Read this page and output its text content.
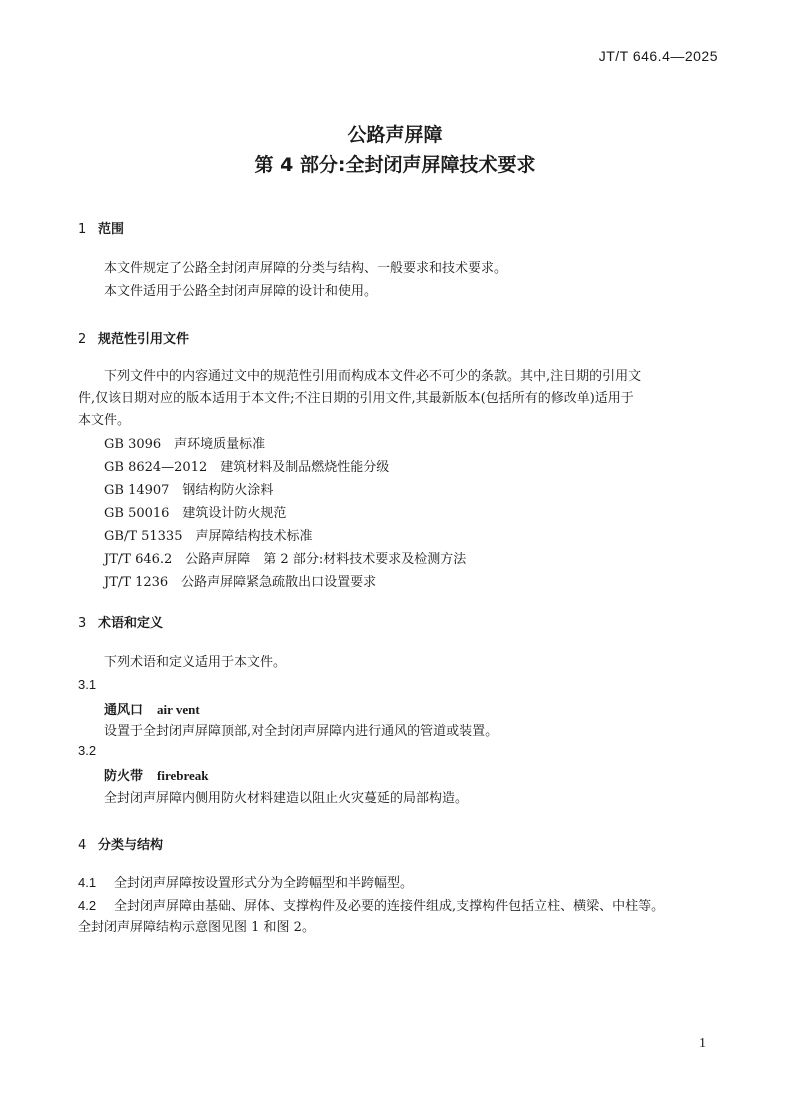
JT/T 646.4—2025
公路声屏障
第 4 部分:全封闭声屏障技术要求
1 范围
本文件规定了公路全封闭声屏障的分类与结构、一般要求和技术要求。
本文件适用于公路全封闭声屏障的设计和使用。
2 规范性引用文件
下列文件中的内容通过文中的规范性引用而构成本文件必不可少的条款。其中,注日期的引用文
件,仅该日期对应的版本适用于本文件;不注日期的引用文件,其最新版本(包括所有的修改单)适用于
本文件。
GB 3096　声环境质量标准
GB 8624—2012　建筑材料及制品燃烧性能分级
GB 14907　钢结构防火涂料
GB 50016　建筑设计防火规范
GB/T 51335　声屏障结构技术标准
JT/T 646.2　公路声屏障　第 2 部分:材料技术要求及检测方法
JT/T 1236　公路声屏障紧急疏散出口设置要求
3 术语和定义
下列术语和定义适用于本文件。
3.1
通风口 air vent
设置于全封闭声屏障顶部,对全封闭声屏障内进行通风的管道或装置。
3.2
防火带 firebreak
全封闭声屏障内侧用防火材料建造以阻止火灾蔓延的局部构造。
4 分类与结构
4.1 全封闭声屏障按设置形式分为全跨幅型和半跨幅型。
4.2 全封闭声屏障由基础、屏体、支撑构件及必要的连接件组成,支撑构件包括立柱、横梁、中柱等。
全封闭声屏障结构示意图见图 1 和图 2。
1
